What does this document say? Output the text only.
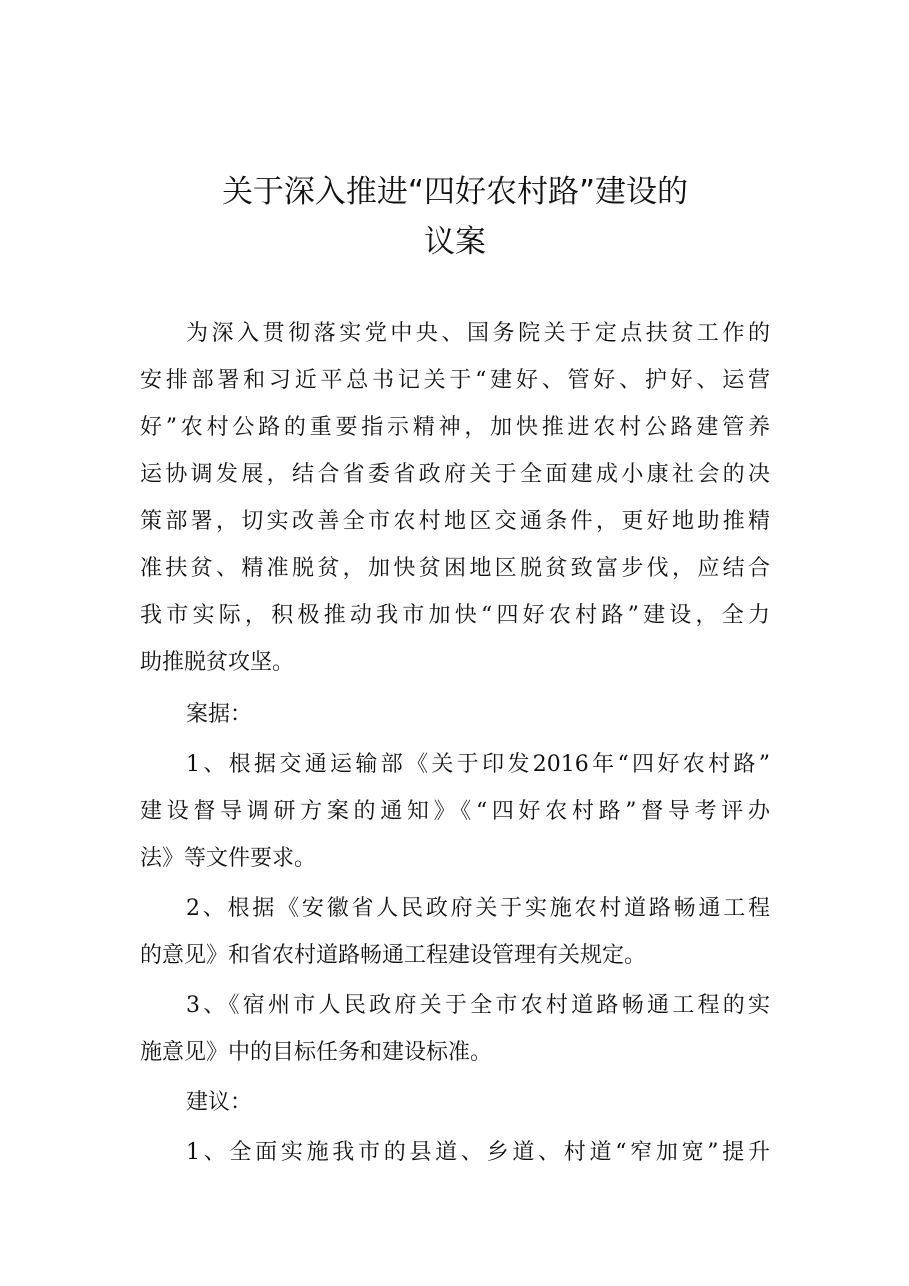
关于深入推进“四好农村路”建设的
议案
为深入贯彻落实党中央、国务院关于定点扶贫工作的
安排部署和习近平总书记关于“建好、管好、护好、运营
好”农村公路的重要指示精神，加快推进农村公路建管养
运协调发展，结合省委省政府关于全面建成小康社会的决
策部署，切实改善全市农村地区交通条件，更好地助推精
准扶贫、精准脱贫，加快贫困地区脱贫致富步伐，应结合
我市实际，积极推动我市加快“四好农村路”建设，全力
助推脱贫攻坚。
案据：
1、根据交通运输部《关于印发2016年“四好农村路”
建设督导调研方案的通知》《“四好农村路”督导考评办
法》等文件要求。
2、根据《安徽省人民政府关于实施农村道路畅通工程
的意见》和省农村道路畅通工程建设管理有关规定。
3、《宿州市人民政府关于全市农村道路畅通工程的实
施意见》中的目标任务和建设标准。
建议：
1、全面实施我市的县道、乡道、村道“窄加宽”提升
